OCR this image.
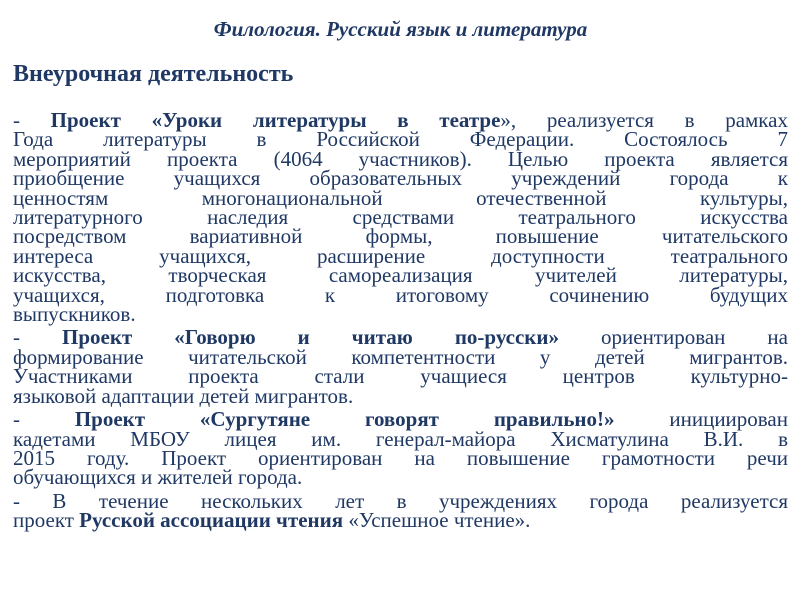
Филология. Русский язык и литература
Внеурочная деятельность
- Проект «Уроки литературы в театре», реализуется в рамках
Года литературы в Российской Федерации. Состоялось 7
мероприятий проекта (4064 участников). Целью проекта является
приобщение учащихся образовательных учреждений города к
ценностям многонациональной отечественной культуры,
литературного наследия средствами театрального искусства
посредством вариативной формы, повышение читательского
интереса учащихся, расширение доступности театрального
искусства, творческая самореализация учителей литературы,
учащихся, подготовка к итоговому сочинению будущих
выпускников.
- Проект «Говорю и читаю по-русски» ориентирован на
формирование читательской компетентности у детей мигрантов.
Участниками проекта стали учащиеся центров культурно-
языковой адаптации детей мигрантов.
- Проект «Сургутяне говорят правильно!» инициирован
кадетами МБОУ лицея им. генерал-майора Хисматулина В.И. в
2015 году. Проект ориентирован на повышение грамотности речи
обучающихся и жителей города.
- В течение нескольких лет в учреждениях города реализуется
проект Русской ассоциации чтения «Успешное чтение».
